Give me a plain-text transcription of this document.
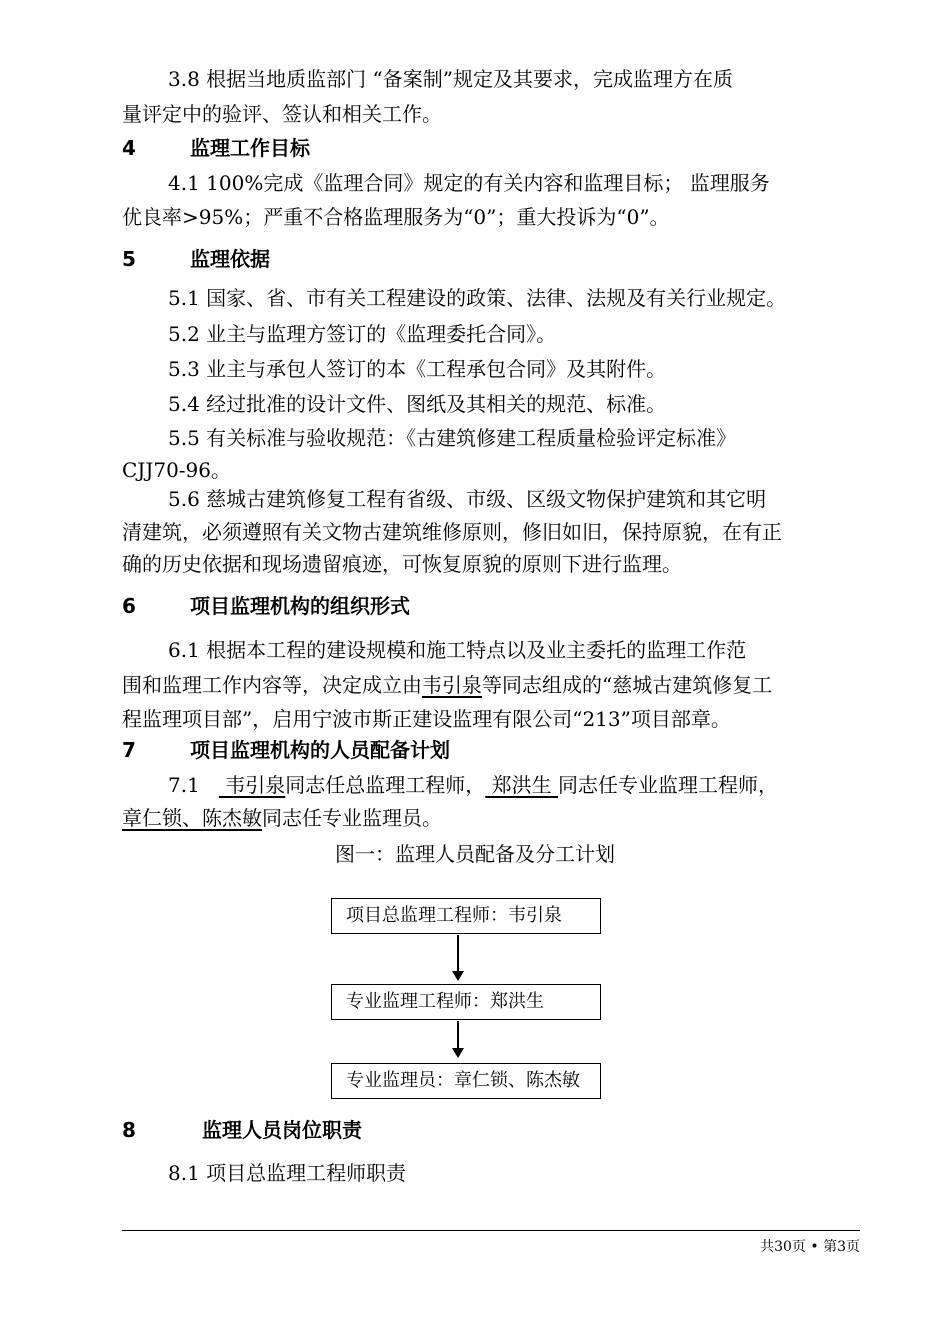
3.8 根据当地质监部门 “备案制”规定及其要求，完成监理方在质
量评定中的验评、签认和相关工作。
4	监理工作目标
4.1 100%完成《监理合同》规定的有关内容和监理目标； 监理服务
优良率>95%；严重不合格监理服务为“0”；重大投诉为“0”。
5	监理依据
5.1 国家、省、市有关工程建设的政策、法律、法规及有关行业规定。
5.2 业主与监理方签订的《监理委托合同》。
5.3 业主与承包人签订的本《工程承包合同》及其附件。
5.4 经过批准的设计文件、图纸及其相关的规范、标准。
5.5 有关标准与验收规范：《古建筑修建工程质量检验评定标准》
CJJ70-96。
5.6 慈城古建筑修复工程有省级、市级、区级文物保护建筑和其它明
清建筑，必须遵照有关文物古建筑维修原则，修旧如旧，保持原貌，在有正
确的历史依据和现场遗留痕迹，可恢复原貌的原则下进行监理。
6	项目监理机构的组织形式
6.1 根据本工程的建设规模和施工特点以及业主委托的监理工作范
围和监理工作内容等，决定成立由韦引泉等同志组成的“慈城古建筑修复工
程监理项目部”，启用宁波市斯正建设监理有限公司“213”项目部章。
7	项目监理机构的人员配备计划
7.1    韦引泉同志任总监理工程师， 郑洪生 同志任专业监理工程师，
章仁锁、陈杰敏同志任专业监理员。
图一：监理人员配备及分工计划
项目总监理工程师：韦引泉
专业监理工程师：郑洪生
专业监理员：章仁锁、陈杰敏
8	监理人员岗位职责
8.1 项目总监理工程师职责
共30页 • 第3页
